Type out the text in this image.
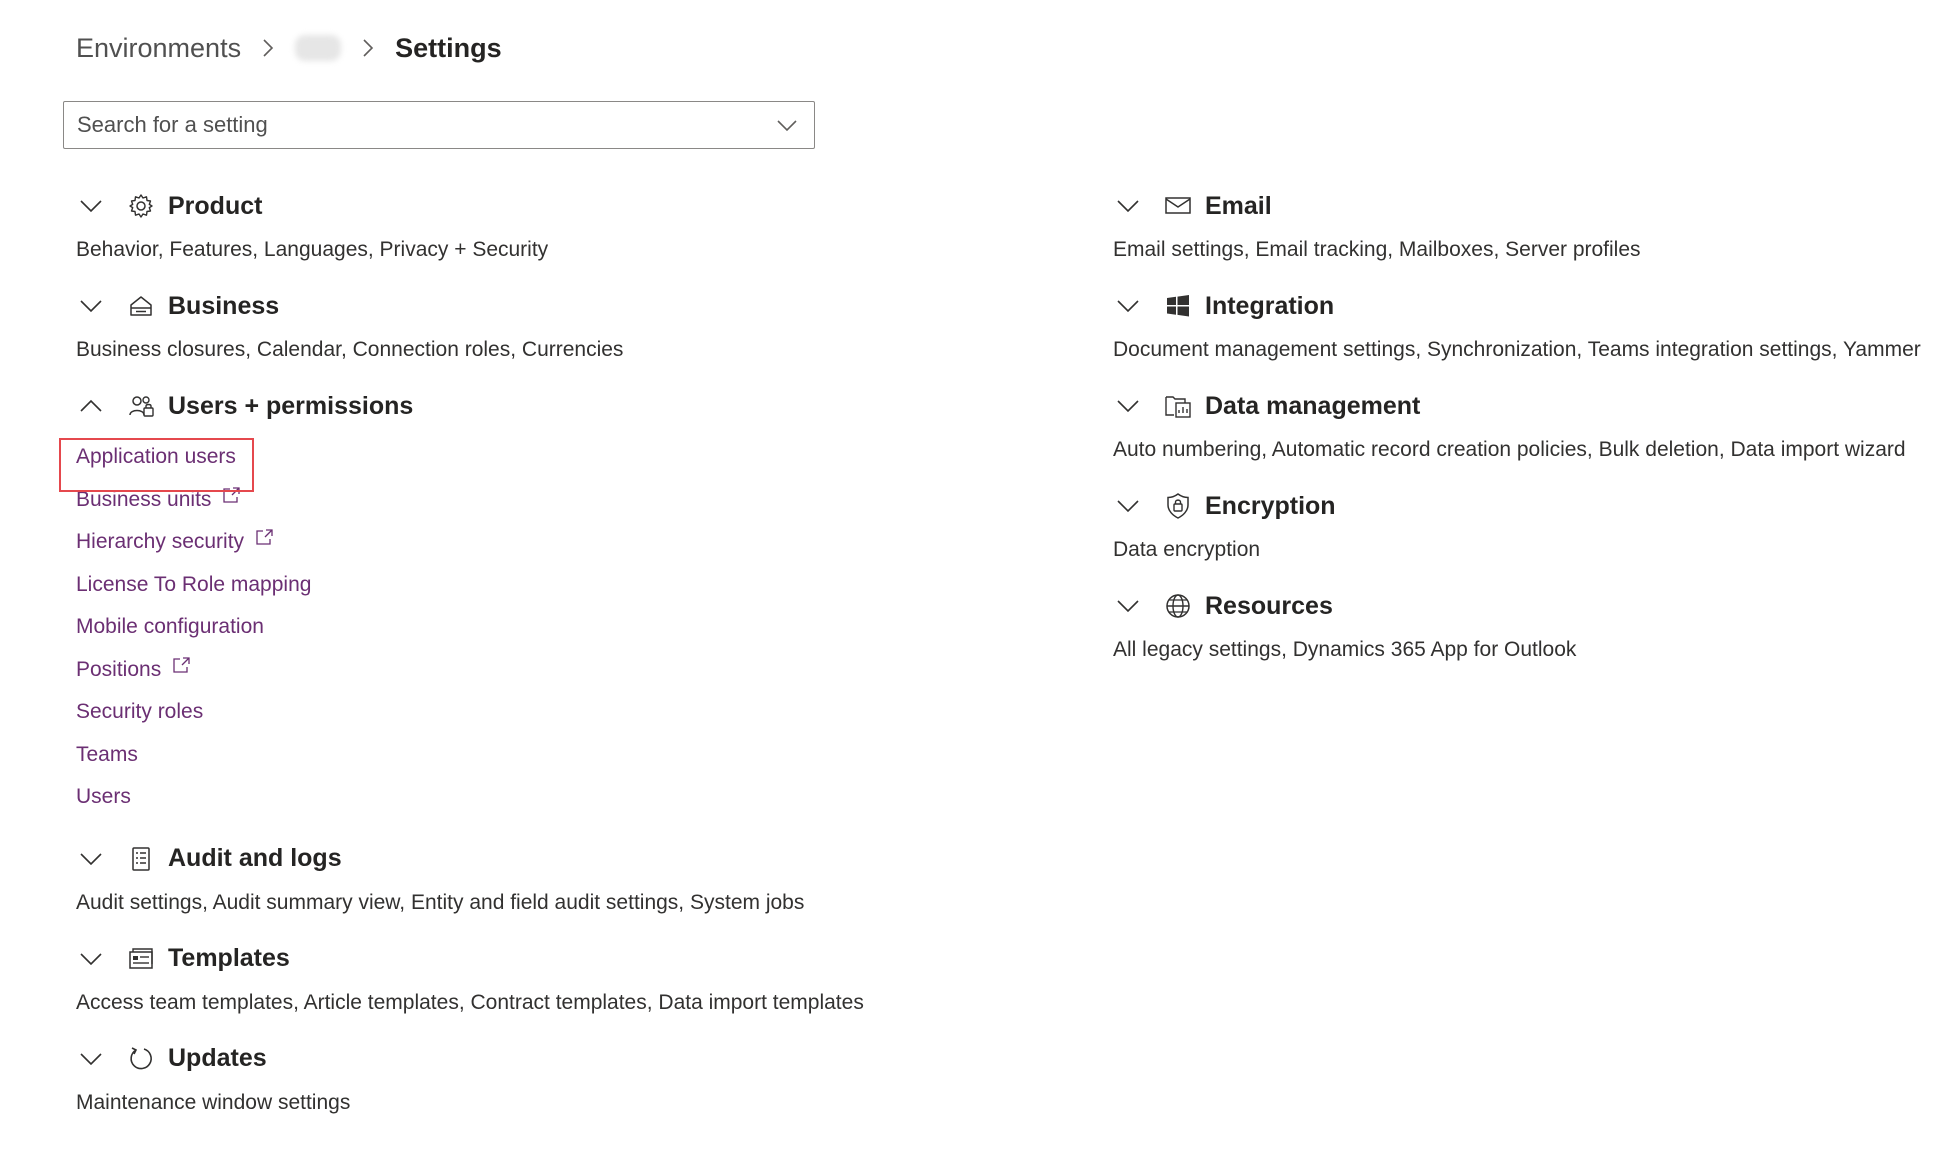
Environments	Settings
Search for a setting
Product
Behavior, Features, Languages, Privacy + Security
Business
Business closures, Calendar, Connection roles, Currencies
Users + permissions
Application users
Business units
Hierarchy security
License To Role mapping
Mobile configuration
Positions
Security roles
Teams
Users
Audit and logs
Audit settings, Audit summary view, Entity and field audit settings, System jobs
Templates
Access team templates, Article templates, Contract templates, Data import templates
Updates
Maintenance window settings
Email
Email settings, Email tracking, Mailboxes, Server profiles
Integration
Document management settings, Synchronization, Teams integration settings, Yammer
Data management
Auto numbering, Automatic record creation policies, Bulk deletion, Data import wizard
Encryption
Data encryption
Resources
All legacy settings, Dynamics 365 App for Outlook
